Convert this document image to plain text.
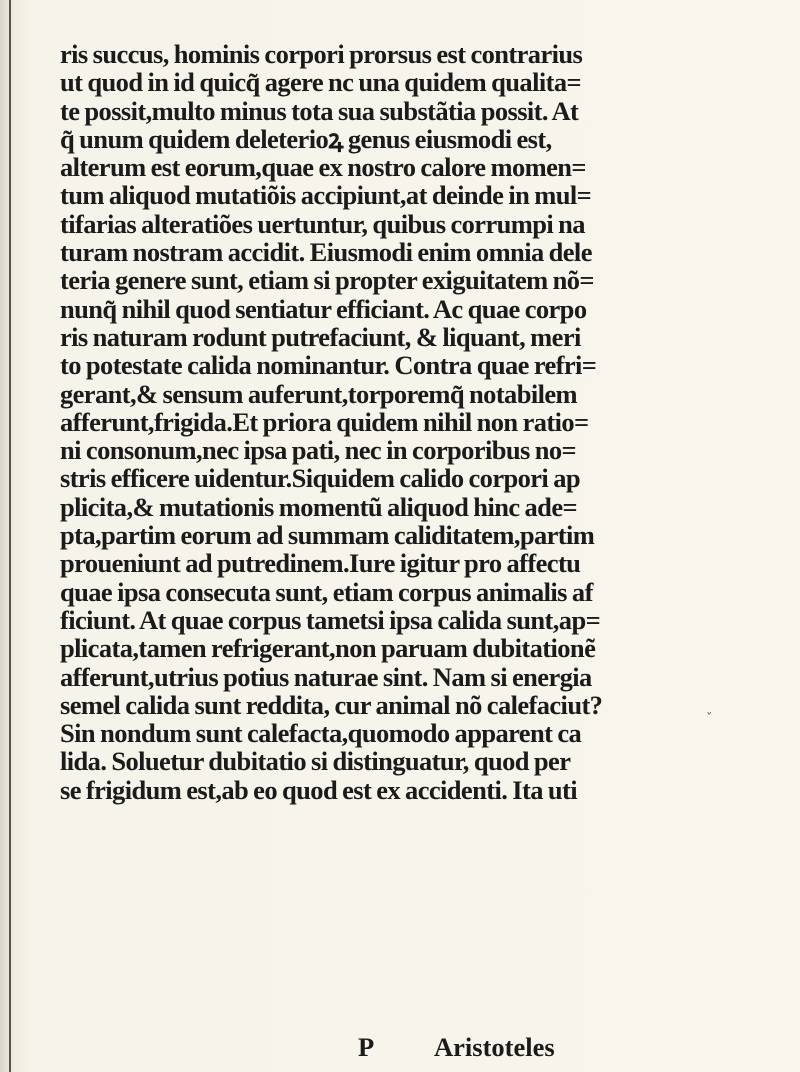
ris succus, hominis corpori prorsus est contrarius
ut quod in id quicq̃ agere nc una quidem qualita=
te possit,multo minus tota sua substãtia possit. At
q̃ unum quidem deleterioꝝ genus eiusmodi est,
alterum est eorum,quae ex nostro calore momen=
tum aliquod mutatiõis accipiunt,at deinde in mul=
tifarias alteratiões uertuntur, quibus corrumpi na
turam nostram accidit. Eiusmodi enim omnia dele
teria genere sunt, etiam si propter exiguitatem nõ=
nunq̃ nihil quod sentiatur efficiant. Ac quae corpo
ris naturam rodunt putrefaciunt, & liquant, meri
to potestate calida nominantur. Contra quae refri=
gerant,& sensum auferunt,torporemq̃ notabilem
afferunt,frigida.Et priora quidem nihil non ratio=
ni consonum,nec ipsa pati, nec in corporibus no=
stris efficere uidentur.Siquidem calido corpori ap
plicita,& mutationis momentũ aliquod hinc adе=
pta,partim eorum ad summam caliditatem,partim
proueniunt ad putredinem.Iure igitur pro affectu
quae ipsa consecuta sunt, etiam corpus animalis af
ficiunt. At quae corpus tametsi ipsa calida sunt,ap=
plicata,tamen refrigerant,non paruam dubitationẽ
afferunt,utrius potius naturae sint. Nam si energia
semel calida sunt reddita, cur animal nõ calefaciut?
Sin nondum sunt calefacta,quomodo apparent ca
lida. Soluetur dubitatio si distinguatur, quod per
se frigidum est,ab eo quod est ex accidenti. Ita uti
ˇ
P Aristoteles
